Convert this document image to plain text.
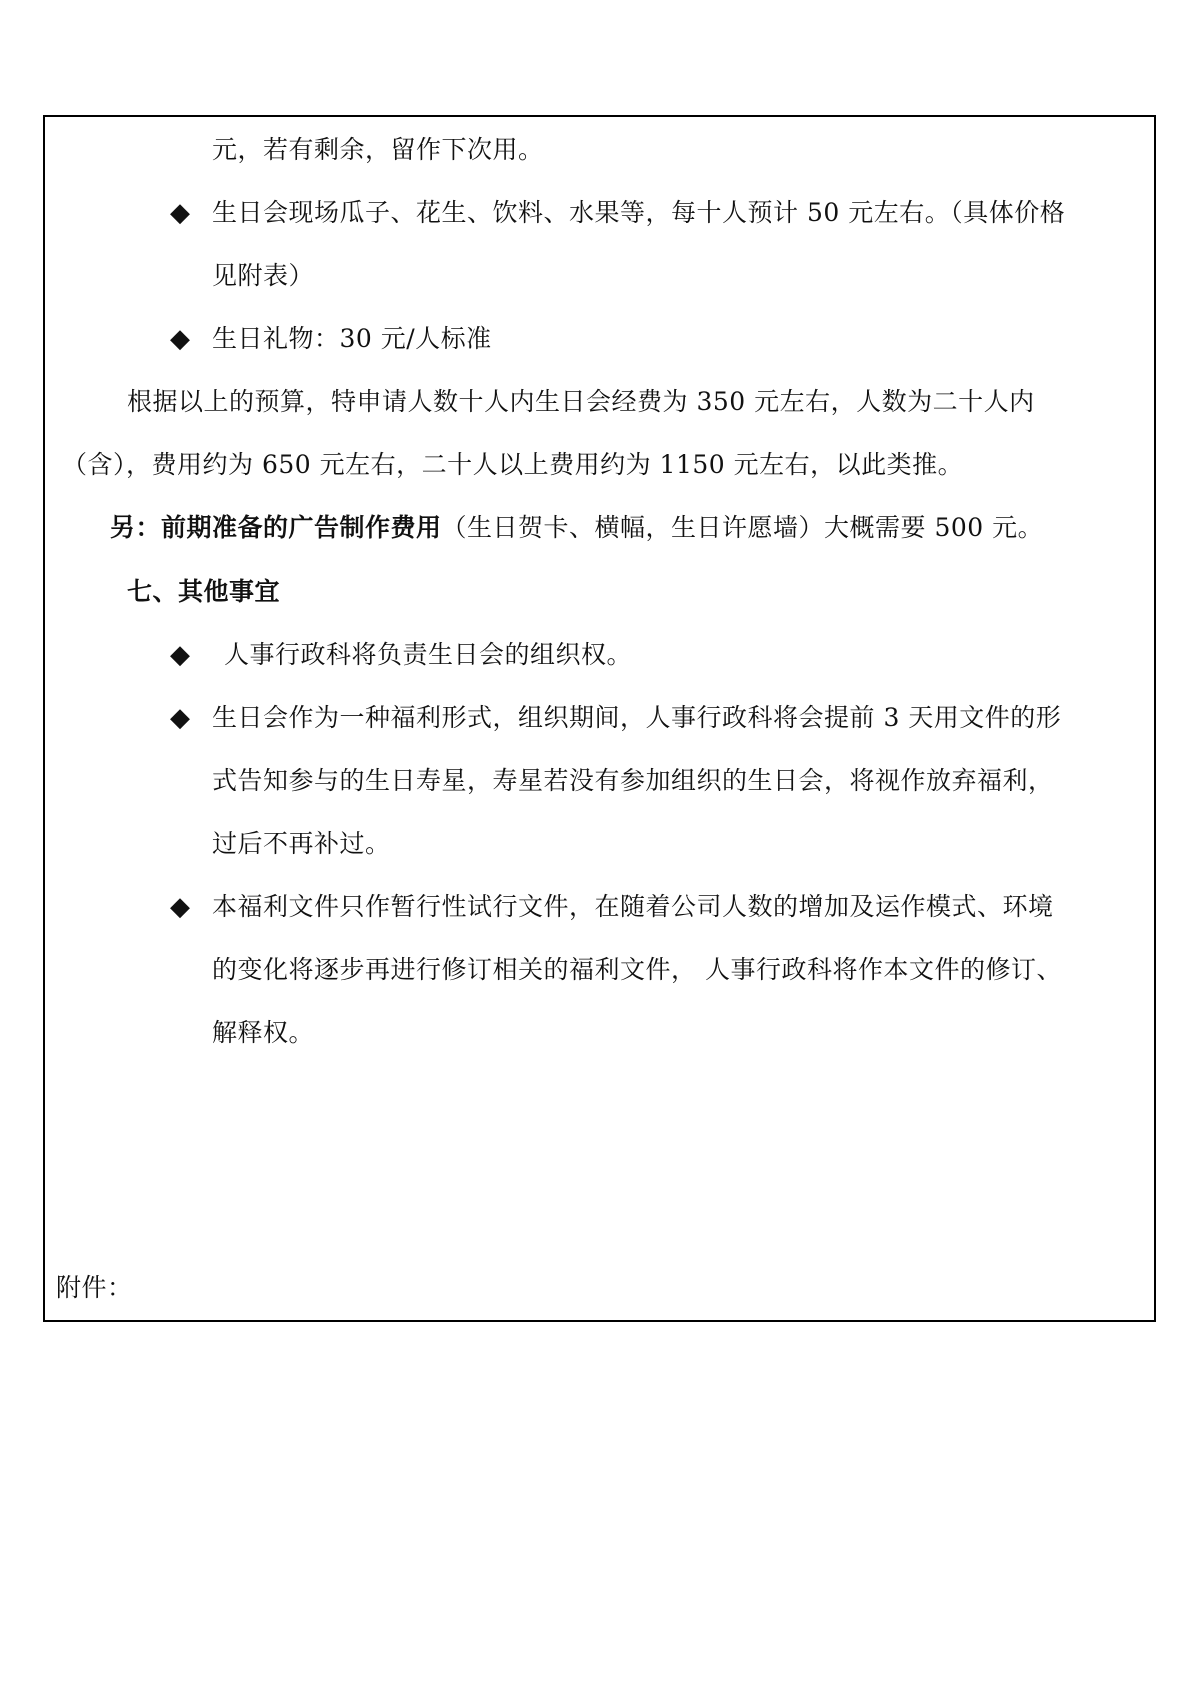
元，若有剩余，留作下次用。
◆ 生日会现场瓜子、花生、饮料、水果等，每十人预计 50 元左右。（具体价格
见附表）
◆ 生日礼物：30 元/人标准
根据以上的预算，特申请人数十人内生日会经费为 350 元左右，人数为二十人内
（含），费用约为 650 元左右，二十人以上费用约为 1150 元左右，以此类推。
另：前期准备的广告制作费用（生日贺卡、横幅，生日许愿墙）大概需要 500 元。
七、其他事宜
◆ 人事行政科将负责生日会的组织权。
◆ 生日会作为一种福利形式，组织期间，人事行政科将会提前 3 天用文件的形
式告知参与的生日寿星，寿星若没有参加组织的生日会，将视作放弃福利，
过后不再补过。
◆ 本福利文件只作暂行性试行文件，在随着公司人数的增加及运作模式、环境
的变化将逐步再进行修订相关的福利文件， 人事行政科将作本文件的修订、
解释权。
附件：
